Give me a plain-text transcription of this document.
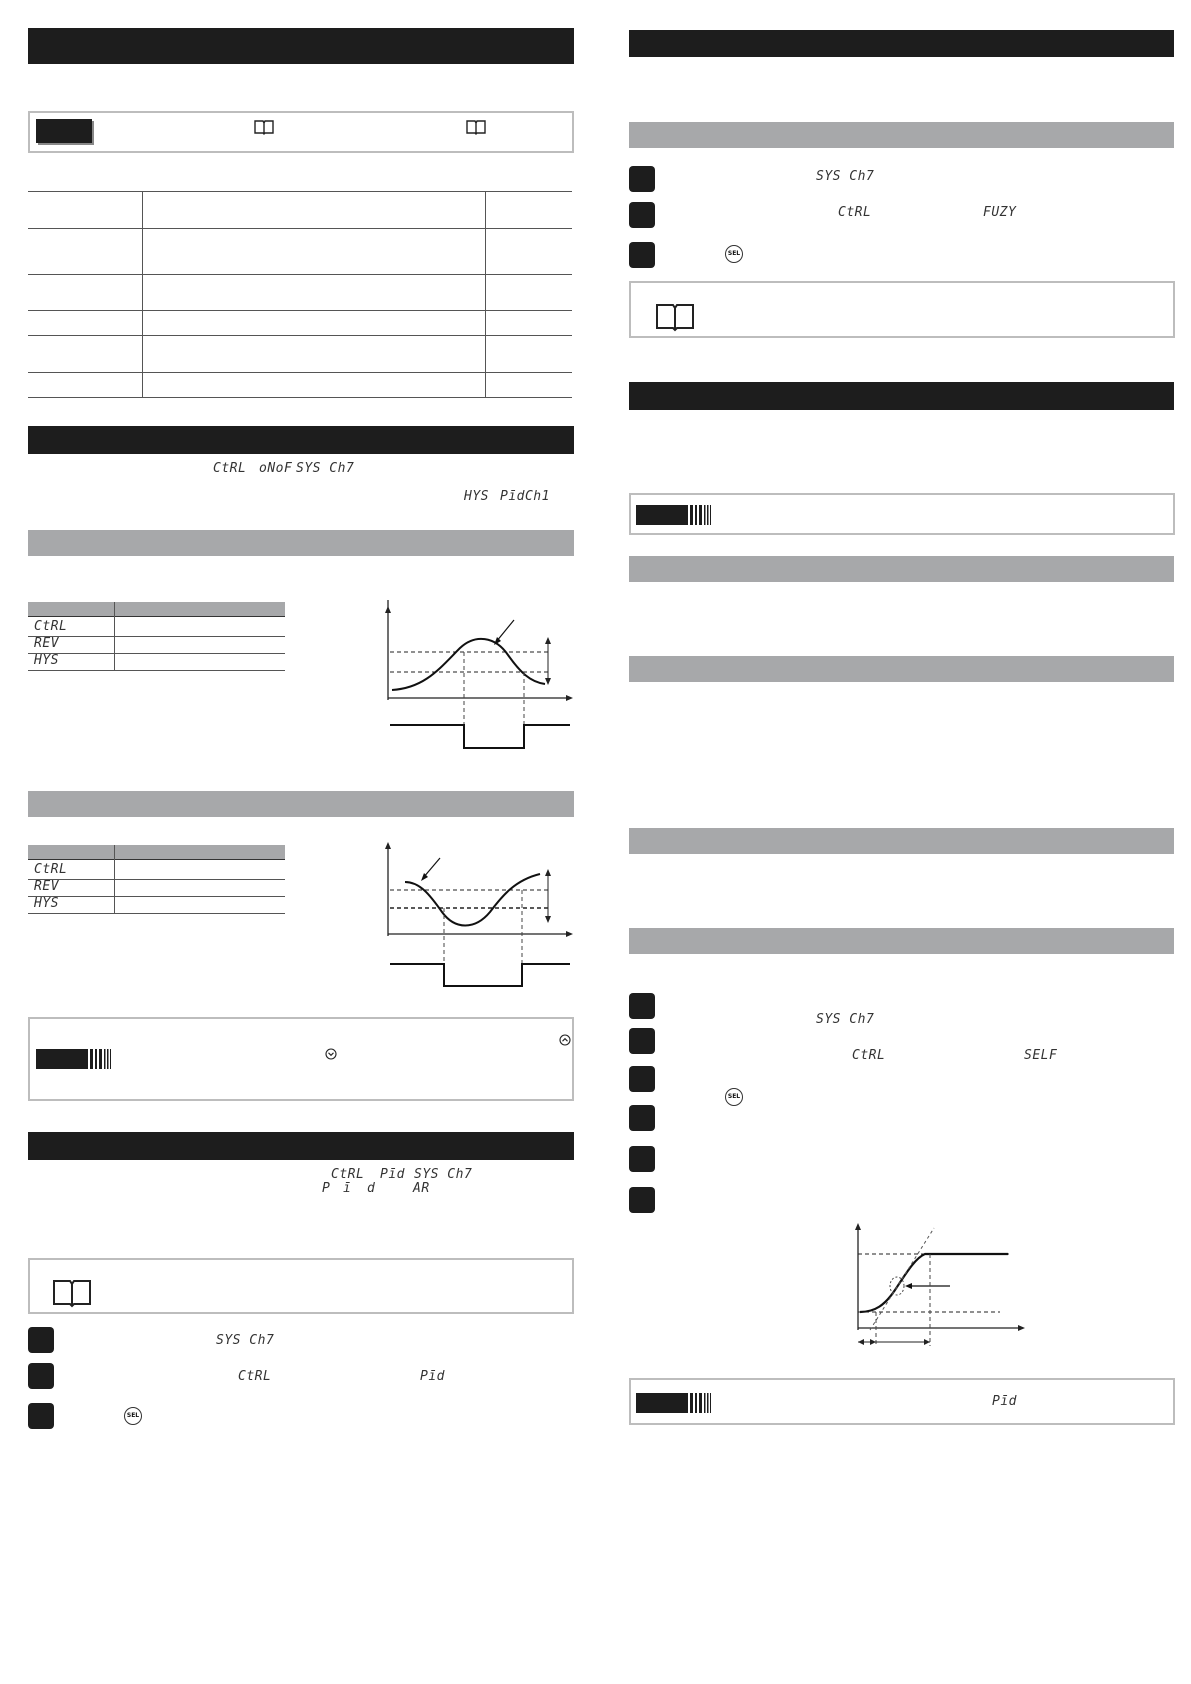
CtRL oNoF SYS Ch7
HYS PīdCh1
CtRL
REV
HYS
CtRL
REV
HYS
CtRL Pīd SYS Ch7
P ī d	AR
SYS Ch7
CtRL	Pīd
SEL
SYS Ch7
CtRL	FUZY
SEL
SYS Ch7
CtRL	SELF
SEL
Pīd
